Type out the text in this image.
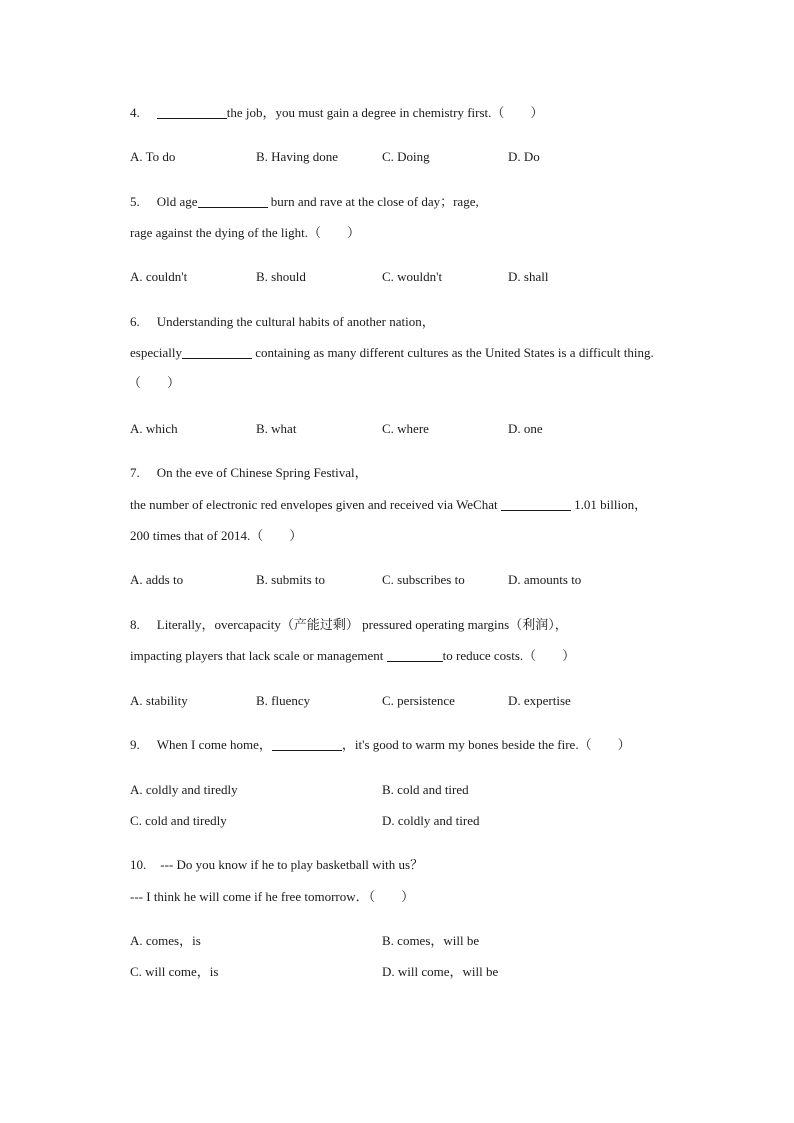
4.	the job，you must gain a degree in chemistry first.（　　）
A. To do	B. Having done	C. Doing	D. Do
5. Old age	burn and rave at the close of day；rage,
rage against the dying of the light.（　　）
A. couldn't	B. should	C. wouldn't	D. shall
6. Understanding the cultural habits of another nation，
especially	containing as many different cultures as the United States is a difficult thing.
（　　）
A. which	B. what	C. where	D. one
7. On the eve of Chinese Spring Festival，
the number of electronic red envelopes given and received via WeChat	1.01 billion，
200 times that of 2014.（　　）
A. adds to	B. submits to	C. subscribes to	D. amounts to
8. Literally，overcapacity（产能过剩） pressured operating margins（利润），
impacting players that lack scale or management	to reduce costs.（　　）
A. stability	B. fluency	C. persistence	D. expertise
9. When I come home，	，it's good to warm my bones beside the fire.（　　）
A. coldly and tiredly	B. cold and tired
C. cold and tiredly	D. coldly and tired
10. --- Do you know if he to play basketball with us？
--- I think he will come if he free tomorrow．（　　）
A. comes，is	B. comes，will be
C. will come，is	D. will come，will be
